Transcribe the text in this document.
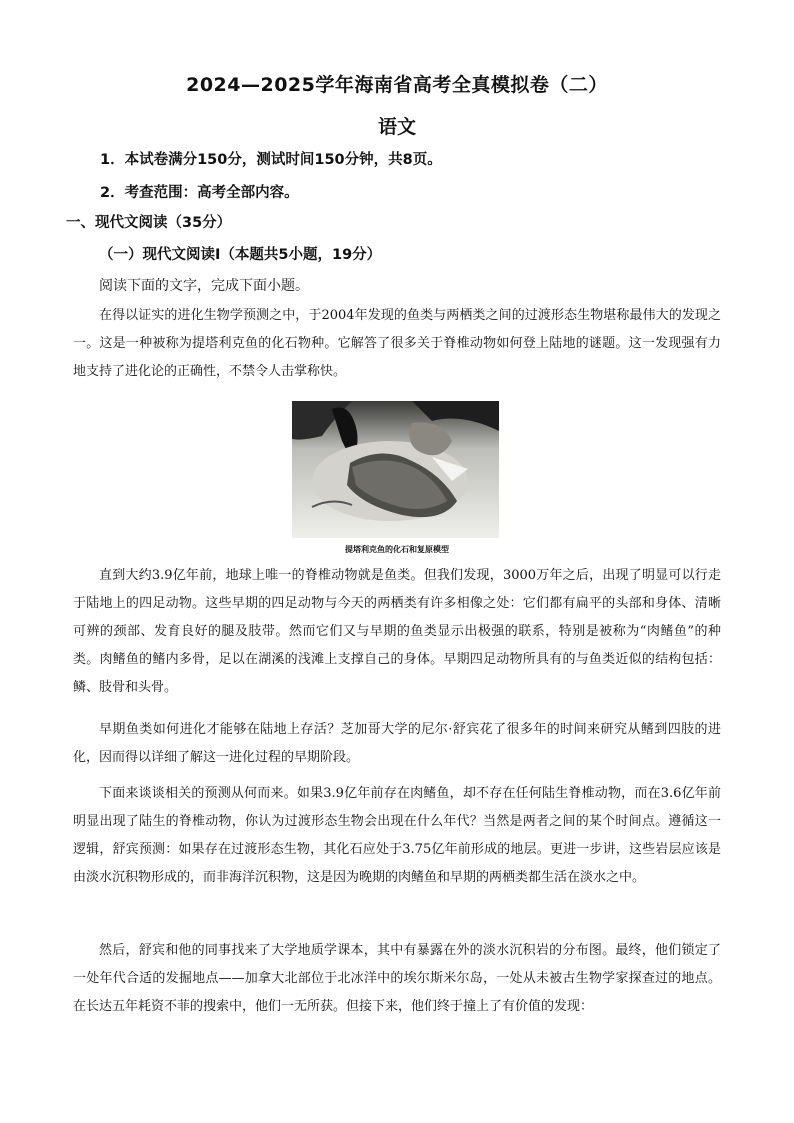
2024—2025学年海南省高考全真模拟卷（二）
语文
1．本试卷满分150分，测试时间150分钟，共8页。
2．考查范围：高考全部内容。
一、现代文阅读（35分）
（一）现代文阅读Ⅰ（本题共5小题，19分）
阅读下面的文字，完成下面小题。

在得以证实的进化生物学预测之中，于2004年发现的鱼类与两栖类之间的过渡形态生物堪称最伟大的发现之一。这是一种被称为提塔利克鱼的化石物种。它解答了很多关于脊椎动物如何登上陆地的谜题。这一发现强有力地支持了进化论的正确性，不禁令人击掌称快。

提塔利克鱼的化石和复原模型

直到大约3.9亿年前，地球上唯一的脊椎动物就是鱼类。但我们发现，3000万年之后，出现了明显可以行走于陆地上的四足动物。这些早期的四足动物与今天的两栖类有许多相像之处：它们都有扁平的头部和身体、清晰可辨的颈部、发育良好的腿及肢带。然而它们又与早期的鱼类显示出极强的联系，特别是被称为“肉鳍鱼”的种类。肉鳍鱼的鳍内多骨，足以在湖溪的浅滩上支撑自己的身体。早期四足动物所具有的与鱼类近似的结构包括：鳞、肢骨和头骨。

早期鱼类如何进化才能够在陆地上存活？芝加哥大学的尼尔·舒宾花了很多年的时间来研究从鳍到四肢的进化，因而得以详细了解这一进化过程的早期阶段。

下面来谈谈相关的预测从何而来。如果3.9亿年前存在肉鳍鱼，却不存在任何陆生脊椎动物，而在3.6亿年前明显出现了陆生的脊椎动物，你认为过渡形态生物会出现在什么年代？当然是两者之间的某个时间点。遵循这一逻辑，舒宾预测：如果存在过渡形态生物，其化石应处于3.75亿年前形成的地层。更进一步讲，这些岩层应该是由淡水沉积物形成的，而非海洋沉积物，这是因为晚期的肉鳍鱼和早期的两栖类都生活在淡水之中。

然后，舒宾和他的同事找来了大学地质学课本，其中有暴露在外的淡水沉积岩的分布图。最终，他们锁定了一处年代合适的发掘地点——加拿大北部位于北冰洋中的埃尔斯米尔岛，一处从未被古生物学家探查过的地点。在长达五年耗资不菲的搜索中，他们一无所获。但接下来，他们终于撞上了有价值的发现：
